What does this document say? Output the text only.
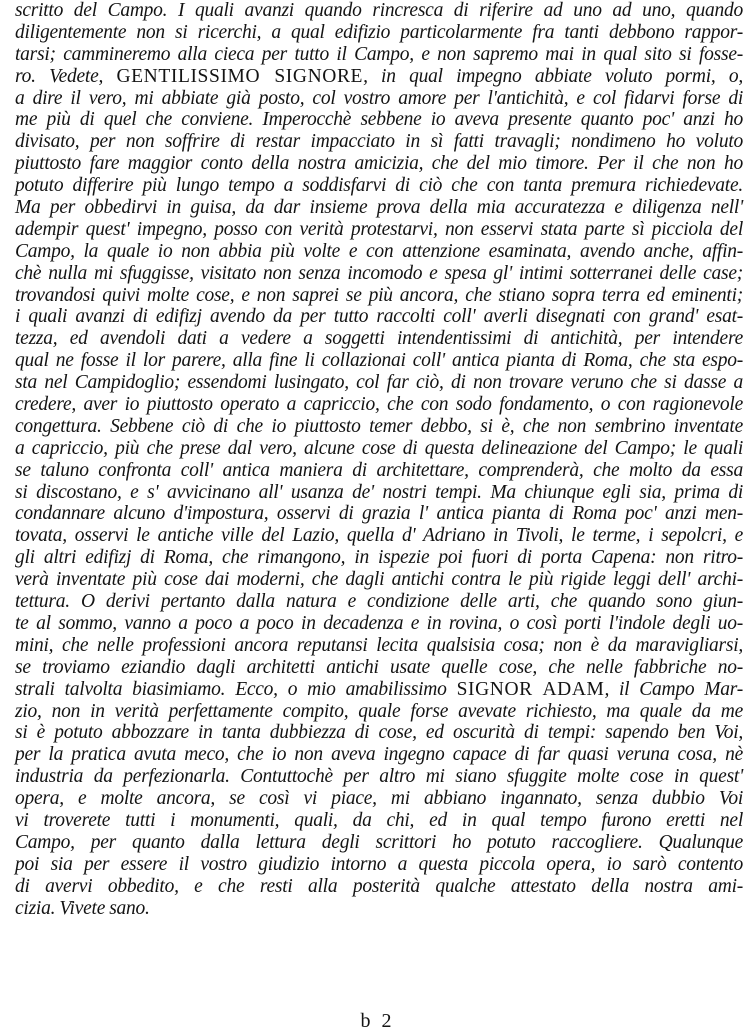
scritto del Campo. I quali avanzi quando rincresca di riferire ad uno ad uno, quando
diligentemente non si ricerchi, a qual edifizio particolarmente fra tanti debbono rappor-
tarsi; cammineremo alla cieca per tutto il Campo, e non sapremo mai in qual sito si fosse-
ro. Vedete, GENTILISSIMO SIGNORE, in qual impegno abbiate voluto pormi, o,
a dire il vero, mi abbiate già posto, col vostro amore per l'antichità, e col fidarvi forse di
me più di quel che conviene. Imperocchè sebbene io aveva presente quanto poc' anzi ho
divisato, per non soffrire di restar impacciato in sì fatti travagli; nondimeno ho voluto
piuttosto fare maggior conto della nostra amicizia, che del mio timore. Per il che non ho
potuto differire più lungo tempo a soddisfarvi di ciò che con tanta premura richiedevate.
Ma per obbedirvi in guisa, da dar insieme prova della mia accuratezza e diligenza nell'
adempir quest' impegno, posso con verità protestarvi, non esservi stata parte sì picciola del
Campo, la quale io non abbia più volte e con attenzione esaminata, avendo anche, affin-
chè nulla mi sfuggisse, visitato non senza incomodo e spesa gl' intimi sotterranei delle case;
trovandosi quivi molte cose, e non saprei se più ancora, che stiano sopra terra ed eminenti;
i quali avanzi di edifizj avendo da per tutto raccolti coll' averli disegnati con grand' esat-
tezza, ed avendoli dati a vedere a soggetti intendentissimi di antichità, per intendere
qual ne fosse il lor parere, alla fine li collazionai coll' antica pianta di Roma, che sta espo-
sta nel Campidoglio; essendomi lusingato, col far ciò, di non trovare veruno che si dasse a
credere, aver io piuttosto operato a capriccio, che con sodo fondamento, o con ragionevole
congettura. Sebbene ciò di che io piuttosto temer debbo, si è, che non sembrino inventate
a capriccio, più che prese dal vero, alcune cose di questa delineazione del Campo; le quali
se taluno confronta coll' antica maniera di architettare, comprenderà, che molto da essa
si discostano, e s' avvicinano all' usanza de' nostri tempi. Ma chiunque egli sia, prima di
condannare alcuno d'impostura, osservi di grazia l' antica pianta di Roma poc' anzi men-
tovata, osservi le antiche ville del Lazio, quella d' Adriano in Tivoli, le terme, i sepolcri, e
gli altri edifizj di Roma, che rimangono, in ispezie poi fuori di porta Capena: non ritro-
verà inventate più cose dai moderni, che dagli antichi contra le più rigide leggi dell' archi-
tettura. O derivi pertanto dalla natura e condizione delle arti, che quando sono giun-
te al sommo, vanno a poco a poco in decadenza e in rovina, o così porti l'indole degli uo-
mini, che nelle professioni ancora reputansi lecita qualsisia cosa; non è da maravigliarsi,
se troviamo eziandio dagli architetti antichi usate quelle cose, che nelle fabbriche no-
strali talvolta biasimiamo. Ecco, o mio amabilissimo SIGNOR ADAM, il Campo Mar-
zio, non in verità perfettamente compito, quale forse avevate richiesto, ma quale da me
si è potuto abbozzare in tanta dubbiezza di cose, ed oscurità di tempi: sapendo ben Voi,
per la pratica avuta meco, che io non aveva ingegno capace di far quasi veruna cosa, nè
industria da perfezionarla. Contuttochè per altro mi siano sfuggite molte cose in quest'
opera, e molte ancora, se così vi piace, mi abbiano ingannato, senza dubbio Voi
vi troverete tutti i monumenti, quali, da chi, ed in qual tempo furono eretti nel
Campo, per quanto dalla lettura degli scrittori ho potuto raccogliere. Qualunque
poi sia per essere il vostro giudizio intorno a questa piccola opera, io sarò contento
di avervi obbedito, e che resti alla posterità qualche attestato della nostra ami-
cizia. Vivete sano.
b 2
